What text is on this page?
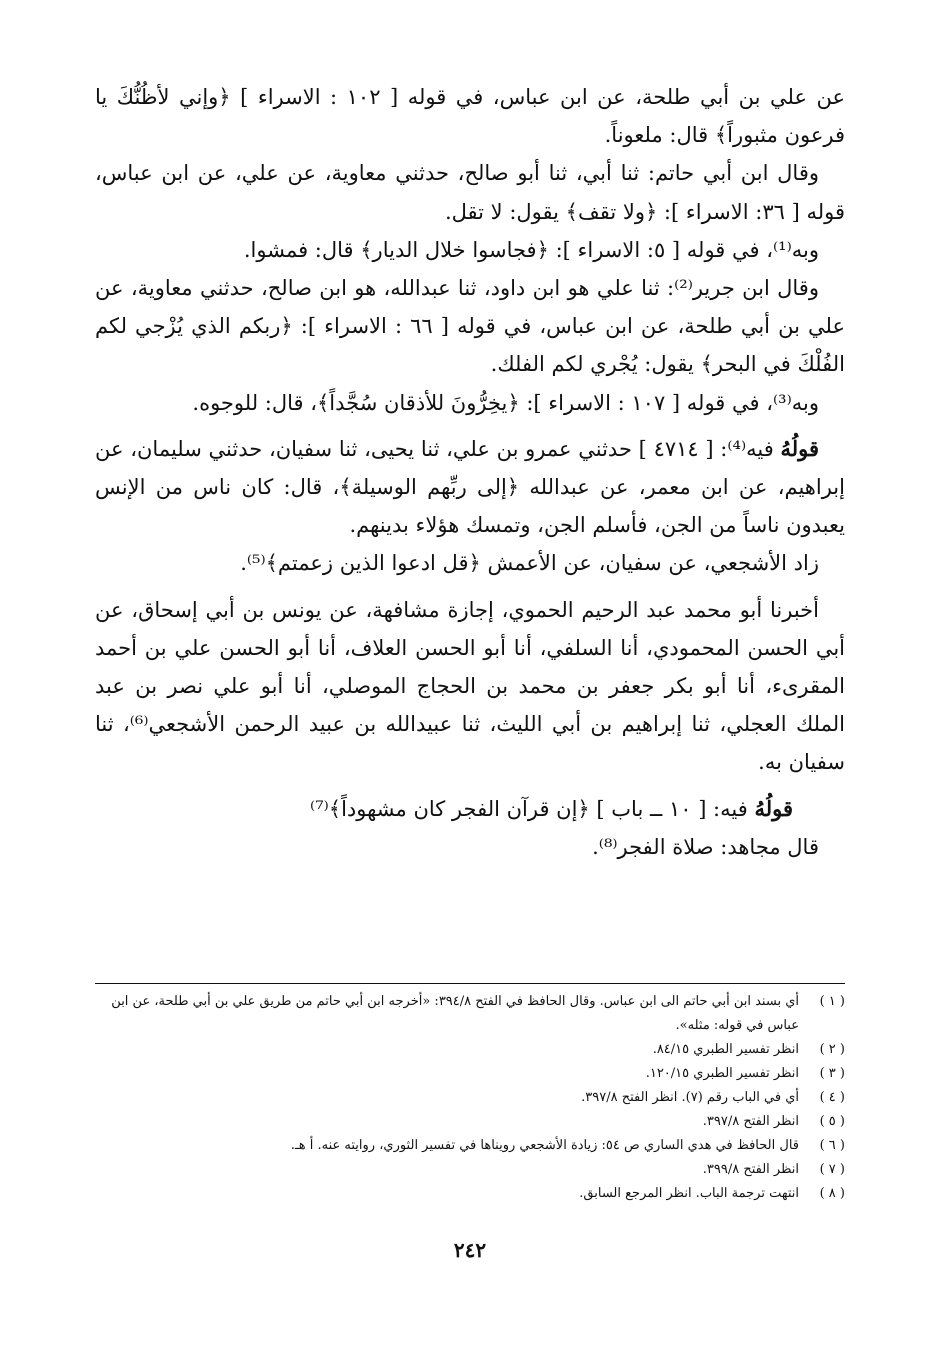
عن علي بن أبي طلحة، عن ابن عباس، في قوله [ ١٠٢ : الاسراء ] ﴿وإني لأظُنُّكَ يا فرعون مثبوراً﴾ قال: ملعوناً.

وقال ابن أبي حاتم: ثنا أبي، ثنا أبو صالح، حدثني معاوية، عن علي، عن ابن عباس، قوله [ ٣٦: الاسراء ]: ﴿ولا تقف﴾ يقول: لا تقل.

وبه⁽¹⁾، في قوله [ ٥: الاسراء ]: ﴿فجاسوا خلال الديار﴾ قال: فمشوا.

وقال ابن جرير⁽²⁾: ثنا علي هو ابن داود، ثنا عبدالله، هو ابن صالح، حدثني معاوية، عن علي بن أبي طلحة، عن ابن عباس، في قوله [ ٦٦ : الاسراء ]: ﴿ربكم الذي يُزْجي لكم الفُلْكَ في البحر﴾ يقول: يُجْري لكم الفلك.

وبه⁽³⁾، في قوله [ ١٠٧ : الاسراء ]: ﴿يخِرُّونَ للأذقان سُجَّداً﴾، قال: للوجوه.

قولُهُ فيه⁽⁴⁾: [ ٤٧١٤ ] حدثني عمرو بن علي، ثنا يحيى، ثنا سفيان، حدثني سليمان، عن إبراهيم، عن ابن معمر، عن عبدالله ﴿إلى ربِّهم الوسيلة﴾، قال: كان ناس من الإنس يعبدون ناساً من الجن، فأسلم الجن، وتمسك هؤلاء بدينهم.

زاد الأشجعي، عن سفيان، عن الأعمش ﴿قل ادعوا الذين زعمتم﴾⁽⁵⁾.

أخبرنا أبو محمد عبد الرحيم الحموي، إجازة مشافهة، عن يونس بن أبي إسحاق، عن أبي الحسن المحمودي، أنا السلفي، أنا أبو الحسن العلاف، أنا أبو الحسن علي بن أحمد المقرىء، أنا أبو بكر جعفر بن محمد بن الحجاج الموصلي، أنا أبو علي نصر بن عبد الملك العجلي، ثنا إبراهيم بن أبي الليث، ثنا عبيدالله بن عبيد الرحمن الأشجعي⁽⁶⁾، ثنا سفيان به.

قولُهُ فيه: [ ١٠ ــ باب ] ﴿إن قرآن الفجر كان مشهوداً﴾⁽⁷⁾

قال مجاهد: صلاة الفجر⁽⁸⁾.

( ١ )
أي بسند ابن أبي حاتم الى ابن عباس. وقال الحافظ في الفتح ٣٩٤/٨: «أخرجه ابن أبي حاتم من طريق علي بن أبي طلحة، عن ابن عباس في قوله: مثله».
( ٢ )
انظر تفسير الطبري ٨٤/١٥.
( ٣ )
انظر تفسير الطبري ١٢٠/١٥.
( ٤ )
أي في الباب رقم (٧). انظر الفتح ٣٩٧/٨.
( ٥ )
انظر الفتح ٣٩٧/٨.
( ٦ )
قال الحافظ في هدي الساري ص ٥٤: زيادة الأشجعي رويناها في تفسير الثوري، روايته عنه. أ هـ.
( ٧ )
انظر الفتح ٣٩٩/٨.
( ٨ )
انتهت ترجمة الباب. انظر المرجع السابق.
٢٤٢
